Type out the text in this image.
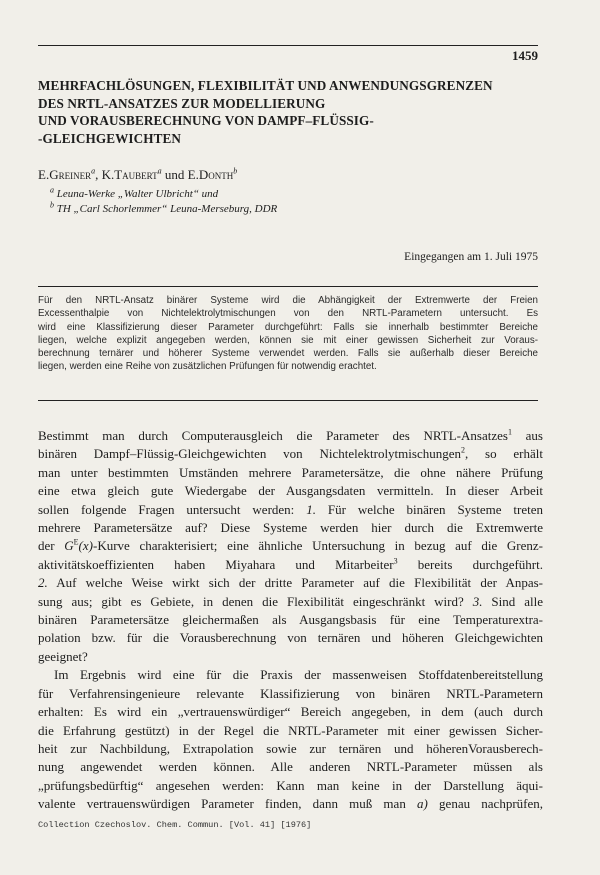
1459
MEHRFACHLÖSUNGEN, FLEXIBILITÄT UND ANWENDUNGSGRENZEN
DES NRTL-ANSATZES ZUR MODELLIERUNG
UND VORAUSBERECHNUNG VON DAMPF–FLÜSSIG-
-GLEICHGEWICHTEN
E.Greiner$^a$, K.Taubert$^a$ und E.Donth$^b$
$^a$ Leuna-Werke „Walter Ulbricht“ und
$^b$ TH „Carl Schorlemmer“ Leuna-Merseburg, DDR
Eingegangen am 1. Juli 1975
Für den NRTL-Ansatz binärer Systeme wird die Abhängigkeit der Extremwerte der Freien
Excessenthalpie von Nichtelektrolytmischungen von den NRTL-Parametern untersucht. Es
wird eine Klassifizierung dieser Parameter durchgeführt: Falls sie innerhalb bestimmter Bereiche
liegen, welche explizit angegeben werden, können sie mit einer gewissen Sicherheit zur Voraus-
berechnung ternärer und höherer Systeme verwendet werden. Falls sie außerhalb dieser Bereiche
liegen, werden eine Reihe von zusätzlichen Prüfungen für notwendig erachtet.
Bestimmt man durch Computerausgleich die Parameter des NRTL-Ansatzes$^1$ aus
binären Dampf–Flüssig-Gleichgewichten von Nichtelektrolytmischungen$^2$, so erhält
man unter bestimmten Umständen mehrere Parametersätze, die ohne nähere Prüfung
eine etwa gleich gute Wiedergabe der Ausgangsdaten vermitteln. In dieser Arbeit
sollen folgende Fragen untersucht werden: 1. Für welche binären Systeme treten
mehrere Parametersätze auf? Diese Systeme werden hier durch die Extremwerte
der $G^E(x)$-Kurve charakterisiert; eine ähnliche Untersuchung in bezug auf die Grenz-
aktivitätskoeffizienten haben Miyahara und Mitarbeiter$^3$ bereits durchgeführt.
2. Auf welche Weise wirkt sich der dritte Parameter auf die Flexibilität der Anpas-
sung aus; gibt es Gebiete, in denen die Flexibilität eingeschränkt wird? 3. Sind alle
binären Parametersätze gleichermaßen als Ausgangsbasis für eine Temperaturextra-
polation bzw. für die Vorausberechnung von ternären und höheren Gleichgewichten
geeignet?
Im Ergebnis wird eine für die Praxis der massenweisen Stoffdatenbereitstellung
für Verfahrensingenieure relevante Klassifizierung von binären NRTL-Parametern
erhalten: Es wird ein „vertrauenswürdiger“ Bereich angegeben, in dem (auch durch
die Erfahrung gestützt) in der Regel die NRTL-Parameter mit einer gewissen Sicher-
heit zur Nachbildung, Extrapolation sowie zur ternären und höherenVorausberech-
nung angewendet werden können. Alle anderen NRTL-Parameter müssen als
„prüfungsbedürftig“ angesehen werden: Kann man keine in der Darstellung äqui-
valente vertrauenswürdigen Parameter finden, dann muß man a) genau nachprüfen,
Collection Czechoslov. Chem. Commun. [Vol. 41] [1976]
